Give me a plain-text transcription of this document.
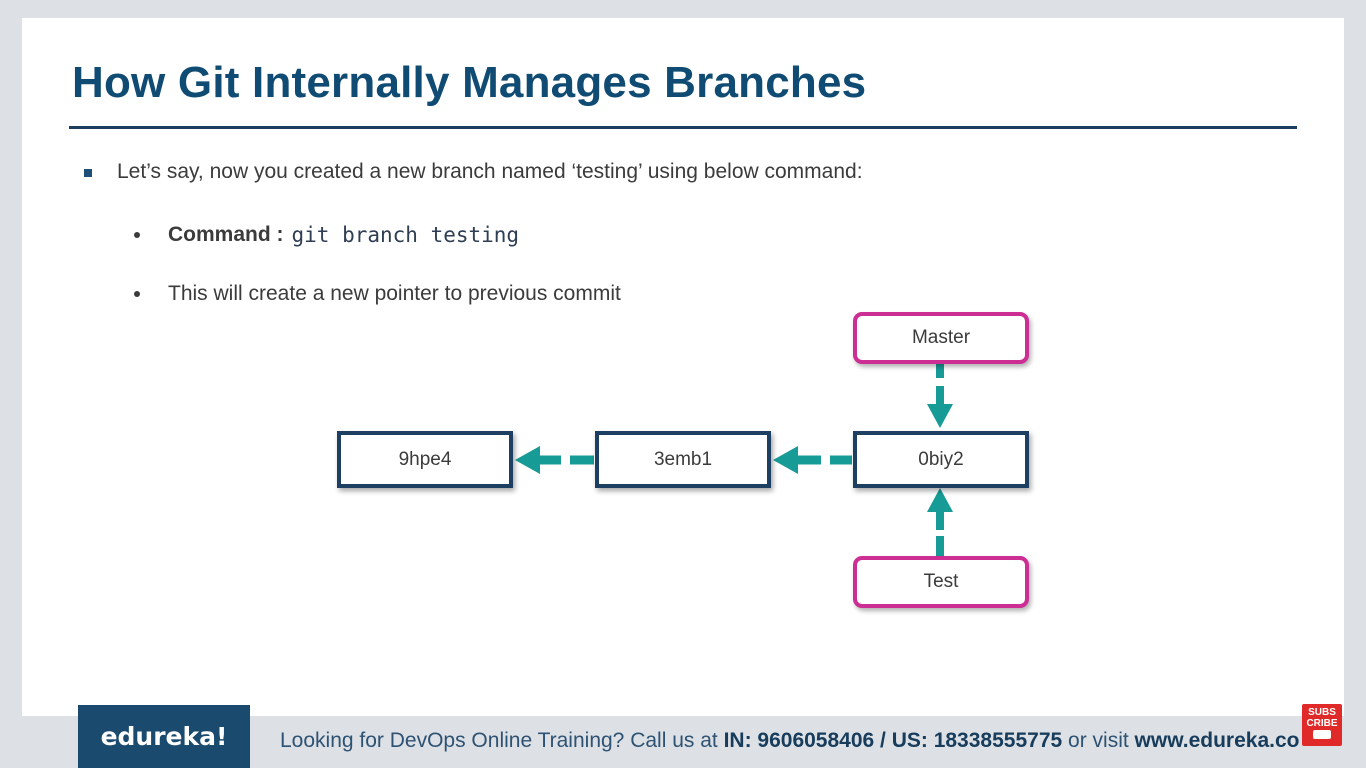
How Git Internally Manages Branches
Let’s say, now you created a new branch named ‘testing’ using below command:
Command : git branch testing
This will create a new pointer to previous commit
9hpe4	3emb1	0biy2
Master
Test
edureka!	Looking for DevOps Online Training? Call us at IN: 9606058406 / US: 18338555775 or visit www.edureka.co
SUBS
CRIBE
